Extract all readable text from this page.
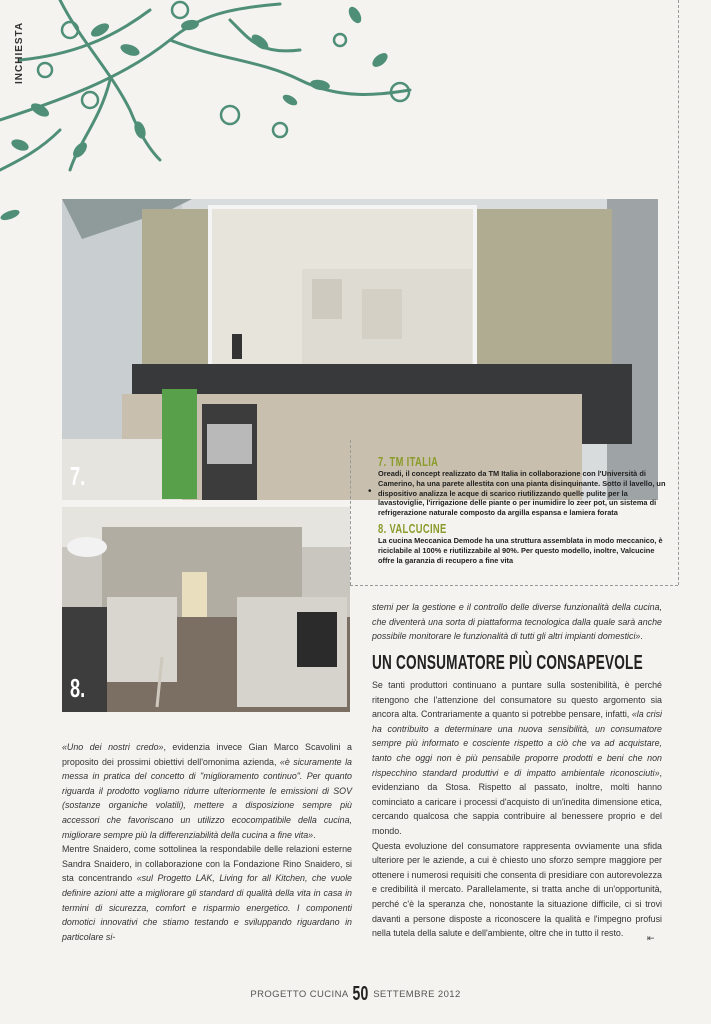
INCHIESTA
7.
8.
•
7. TM ITALIA
Oreadi, il concept realizzato da TM Italia in collaborazione con l'Università di Camerino, ha una parete allestita con una pianta disinquinante. Sotto il lavello, un dispositivo analizza le acque di scarico riutilizzando quelle pulite per la lavastoviglie, l'irrigazione delle piante o per inumidire lo zeer pot, un sistema di refrigerazione naturale composto da argilla espansa e lamiera forata
8. VALCUCINE
La cucina Meccanica Demode ha una struttura assemblata in modo meccanico, è riciclabile al 100% e riutilizzabile al 90%. Per questo modello, inoltre, Valcucine offre la garanzia di recupero a fine vita

«Uno dei nostri credo», evidenzia invece Gian Marco Scavolini a proposito dei prossimi obiettivi dell'omonima azienda, «è sicuramente la messa in pratica del concetto di "miglioramento continuo". Per quanto riguarda il prodotto vogliamo ridurre ulteriormente le emissioni di SOV (sostanze organiche volatili), mettere a disposizione sempre più accessori che favoriscano un utilizzo ecocompatibile della cucina, migliorare sempre più la differenziabilità della cucina a fine vita».

Mentre Snaidero, come sottolinea la respondabile delle relazioni esterne Sandra Snaidero, in collaborazione con la Fondazione Rino Snaidero, si sta concentrando «sul Progetto LAK, Living for all Kitchen, che vuole definire azioni atte a migliorare gli standard di qualità della vita in casa in termini di sicurezza, comfort e risparmio energetico. I componenti domotici innovativi che stiamo testando e sviluppando riguardano in particolare si-

stemi per la gestione e il controllo delle diverse funzionalità della cucina, che diventerà una sorta di piattaforma tecnologica dalla quale sarà anche possibile monitorare le funzionalità di tutti gli altri impianti domestici».

UN CONSUMATORE PIÙ CONSAPEVOLE

Se tanti produttori continuano a puntare sulla sostenibilità, è perché ritengono che l'attenzione del consumatore su questo argomento sia ancora alta. Contrariamente a quanto si potrebbe pensare, infatti, «la crisi ha contribuito a determinare una nuova sensibilità, un consumatore sempre più informato e cosciente rispetto a ciò che va ad acquistare, tanto che oggi non è più pensabile proporre prodotti e beni che non rispecchino standard produttivi e di impatto ambientale riconosciuti», evidenziano da Stosa. Rispetto al passato, inoltre, molti hanno cominciato a caricare i processi d'acquisto di un'inedita dimensione etica, cercando qualcosa che sappia contribuire al benessere proprio e del mondo.

Questa evoluzione del consumatore rappresenta ovviamente una sfida ulteriore per le aziende, a cui è chiesto uno sforzo sempre maggiore per ottenere i numerosi requisiti che consenta di presidiare con autorevolezza e credibilità il mercato. Parallelamente, si tratta anche di un'opportunità, perché c'è la speranza che, nonostante la situazione difficile, ci si trovi davanti a persone disposte a riconoscere la qualità e l'impegno profusi nella tutela della salute e dell'ambiente, oltre che in tutto il resto.	⇤
PROGETTO CUCINA 50 SETTEMBRE 2012
